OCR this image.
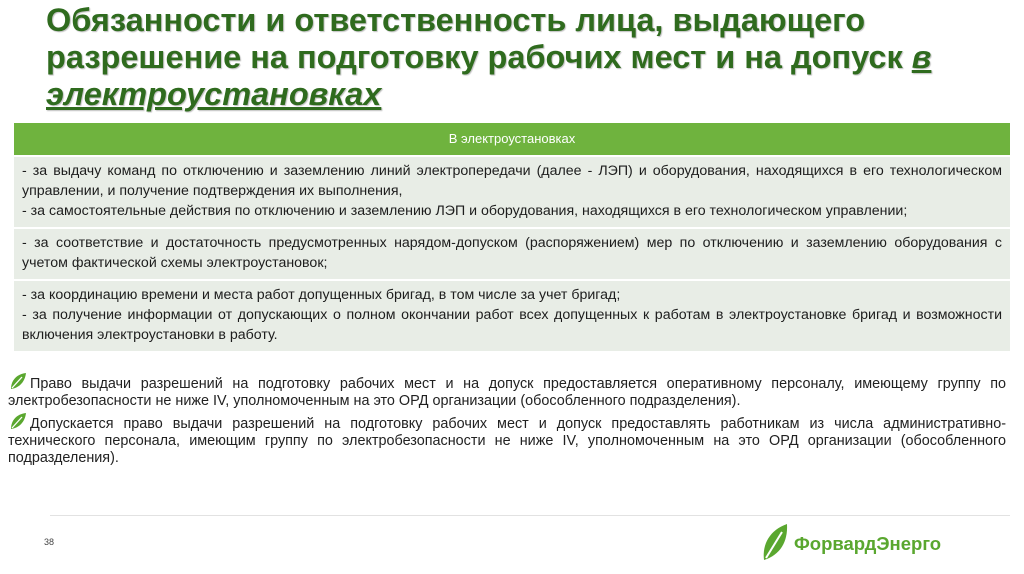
Обязанности и ответственность лица, выдающего разрешение на подготовку рабочих мест и на допуск в электроустановках
В электроустановках

- за выдачу команд по отключению и заземлению линий электропередачи (далее - ЛЭП) и оборудования, находящихся в его технологическом управлении, и получение подтверждения их выполнения,

- за самостоятельные действия по отключению и заземлению ЛЭП и оборудования, находящихся в его технологическом управлении;

- за соответствие и достаточность предусмотренных нарядом-допуском (распоряжением) мер по отключению и заземлению оборудования с учетом фактической схемы электроустановок;

- за координацию времени и места работ допущенных бригад, в том числе за учет бригад;

- за получение информации от допускающих о полном окончании работ всех допущенных к работам в электроустановке бригад и возможности включения электроустановки в работу.

Право выдачи разрешений на подготовку рабочих мест и на допуск предоставляется оперативному персоналу, имеющему группу по электробезопасности не ниже IV, уполномоченным на это ОРД организации (обособленного подразделения).
Допускается право выдачи разрешений на подготовку рабочих мест и допуск предоставлять работникам из числа административно-технического персонала, имеющим группу по электробезопасности не ниже IV, уполномоченным на это ОРД организации (обособленного подразделения).
38	ФорвардЭнерго
